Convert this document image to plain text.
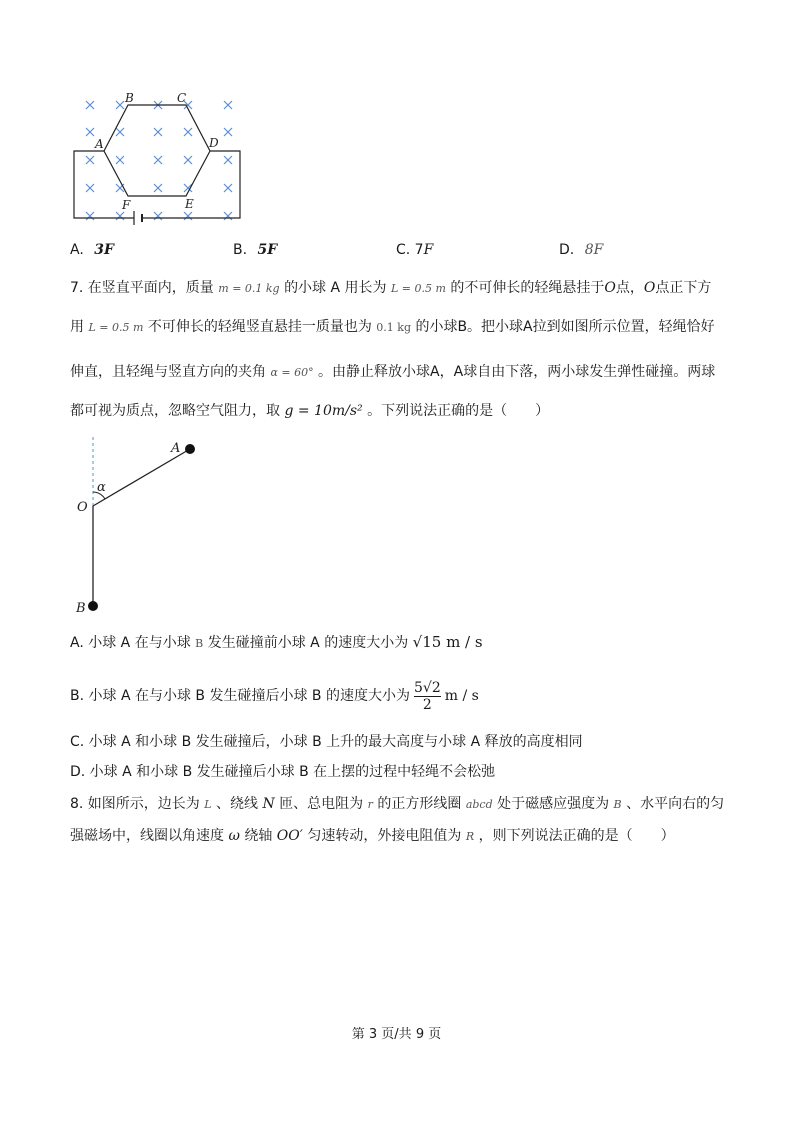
B	C
A	D
E
F
A. 3F	B. 5F	C. 7F	D. 8F
7. 在竖直平面内，质量 m = 0.1 kg 的小球 A 用长为 L = 0.5 m 的不可伸长的轻绳悬挂于O点，O点正下方
用 L = 0.5 m 不可伸长的轻绳竖直悬挂一质量也为 0.1 kg 的小球B。把小球A拉到如图所示位置，轻绳恰好
伸直，且轻绳与竖直方向的夹角 α = 60° 。由静止释放小球A，A球自由下落，两小球发生弹性碰撞。两球
都可视为质点，忽略空气阻力，取 g = 10m/s² 。下列说法正确的是（　　）
A
O
B
α
A. 小球 A 在与小球 B 发生碰撞前小球 A 的速度大小为 √15 m / s
B. 小球 A 在与小球 B 发生碰撞后小球 B 的速度大小为 $\frac{5√2}{2}$ m / s
C. 小球 A 和小球 B 发生碰撞后，小球 B 上升的最大高度与小球 A 释放的高度相同
D. 小球 A 和小球 B 发生碰撞后小球 B 在上摆的过程中轻绳不会松弛
8. 如图所示，边长为 L 、绕线 N 匝、总电阻为 r 的正方形线圈 abcd 处于磁感应强度为 B 、水平向右的匀
强磁场中，线圈以角速度 ω 绕轴 OO′ 匀速转动，外接电阻值为 R ，则下列说法正确的是（　　）
第 3 页/共 9 页
